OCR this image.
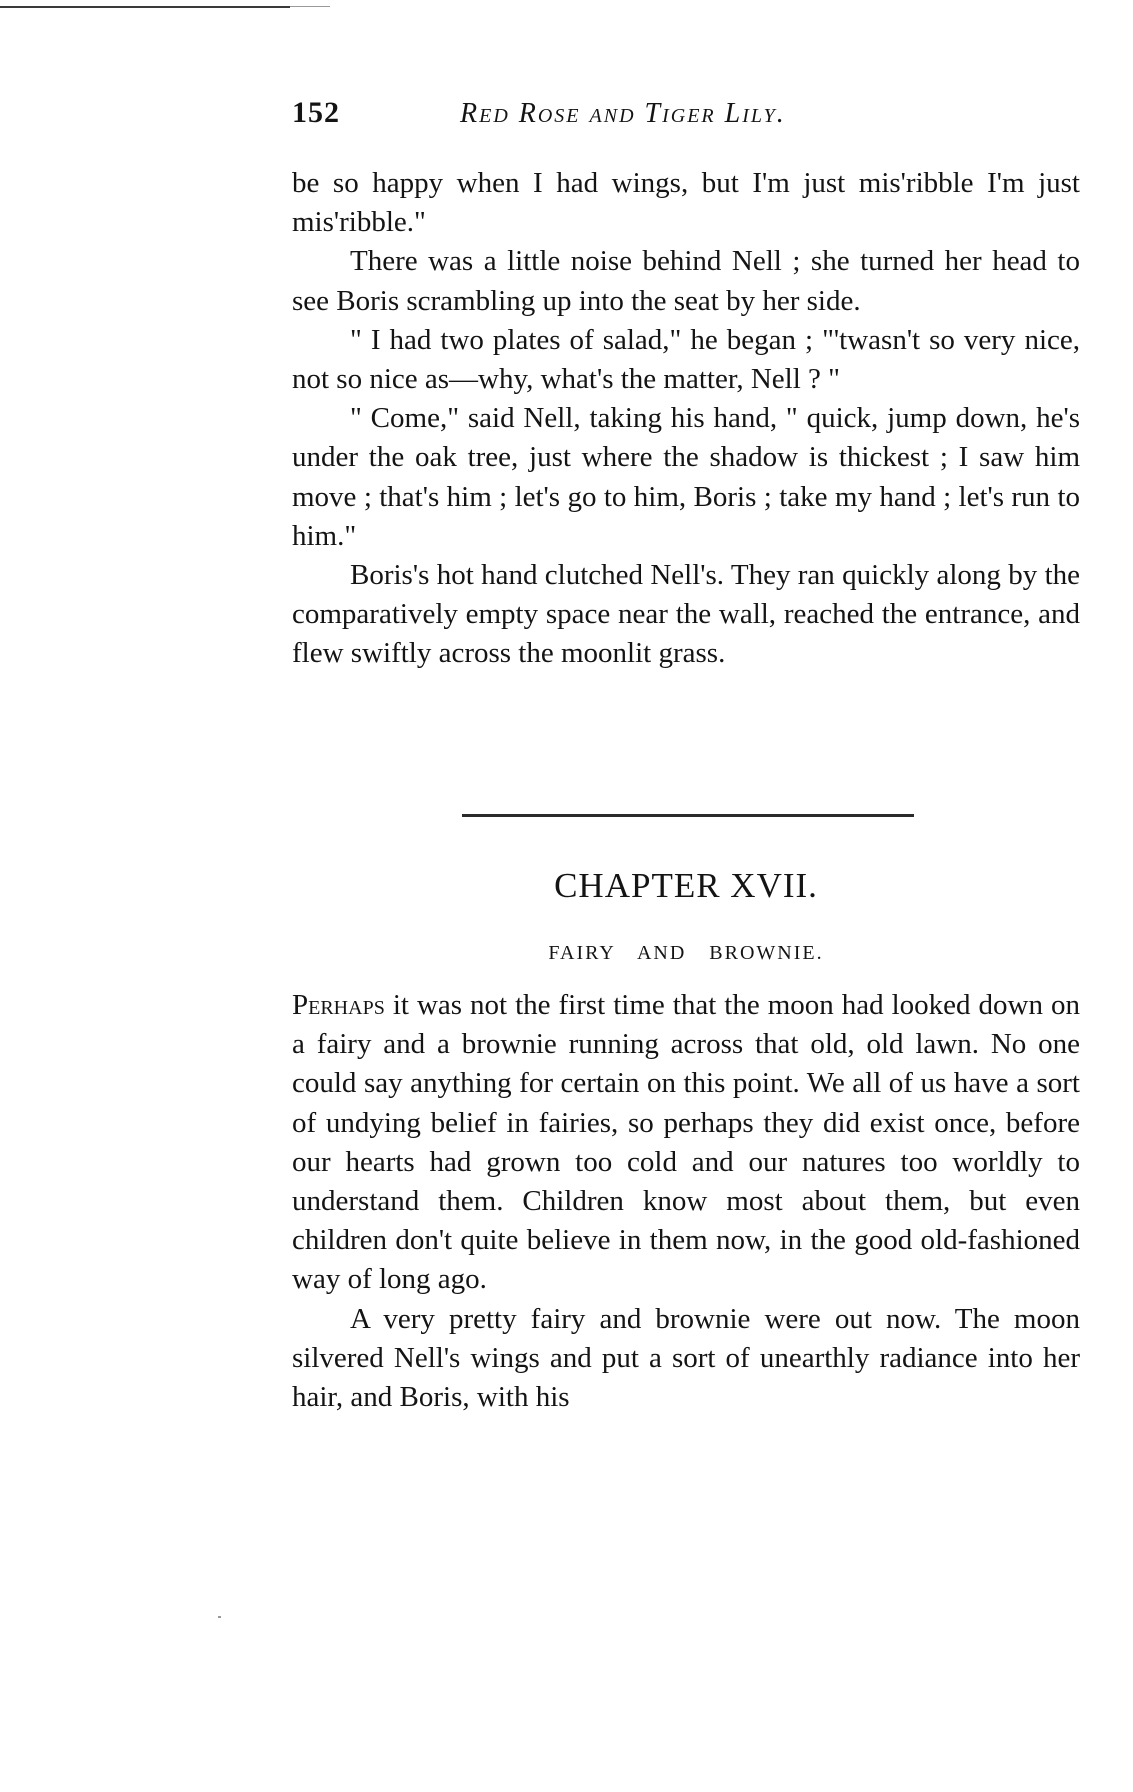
152	Red Rose and Tiger Lily.

be so happy when I had wings, but I'm just mis'ribble I'm just mis'ribble."

There was a little noise behind Nell ; she turned her head to see Boris scrambling up into the seat by her side.

" I had two plates of salad," he began ; "'twasn't so very nice, not so nice as—why, what's the matter, Nell ? "

" Come," said Nell, taking his hand, " quick, jump down, he's under the oak tree, just where the shadow is thickest ; I saw him move ; that's him ; let's go to him, Boris ; take my hand ; let's run to him."

Boris's hot hand clutched Nell's. They ran quickly along by the comparatively empty space near the wall, reached the entrance, and flew swiftly across the moonlit grass.

CHAPTER XVII.
FAIRY AND BROWNIE.

Perhaps it was not the first time that the moon had looked down on a fairy and a brownie running across that old, old lawn. No one could say anything for certain on this point. We all of us have a sort of undying belief in fairies, so perhaps they did exist once, before our hearts had grown too cold and our natures too worldly to understand them. Children know most about them, but even children don't quite believe in them now, in the good old-fashioned way of long ago.

A very pretty fairy and brownie were out now. The moon silvered Nell's wings and put a sort of unearthly radiance into her hair, and Boris, with his
